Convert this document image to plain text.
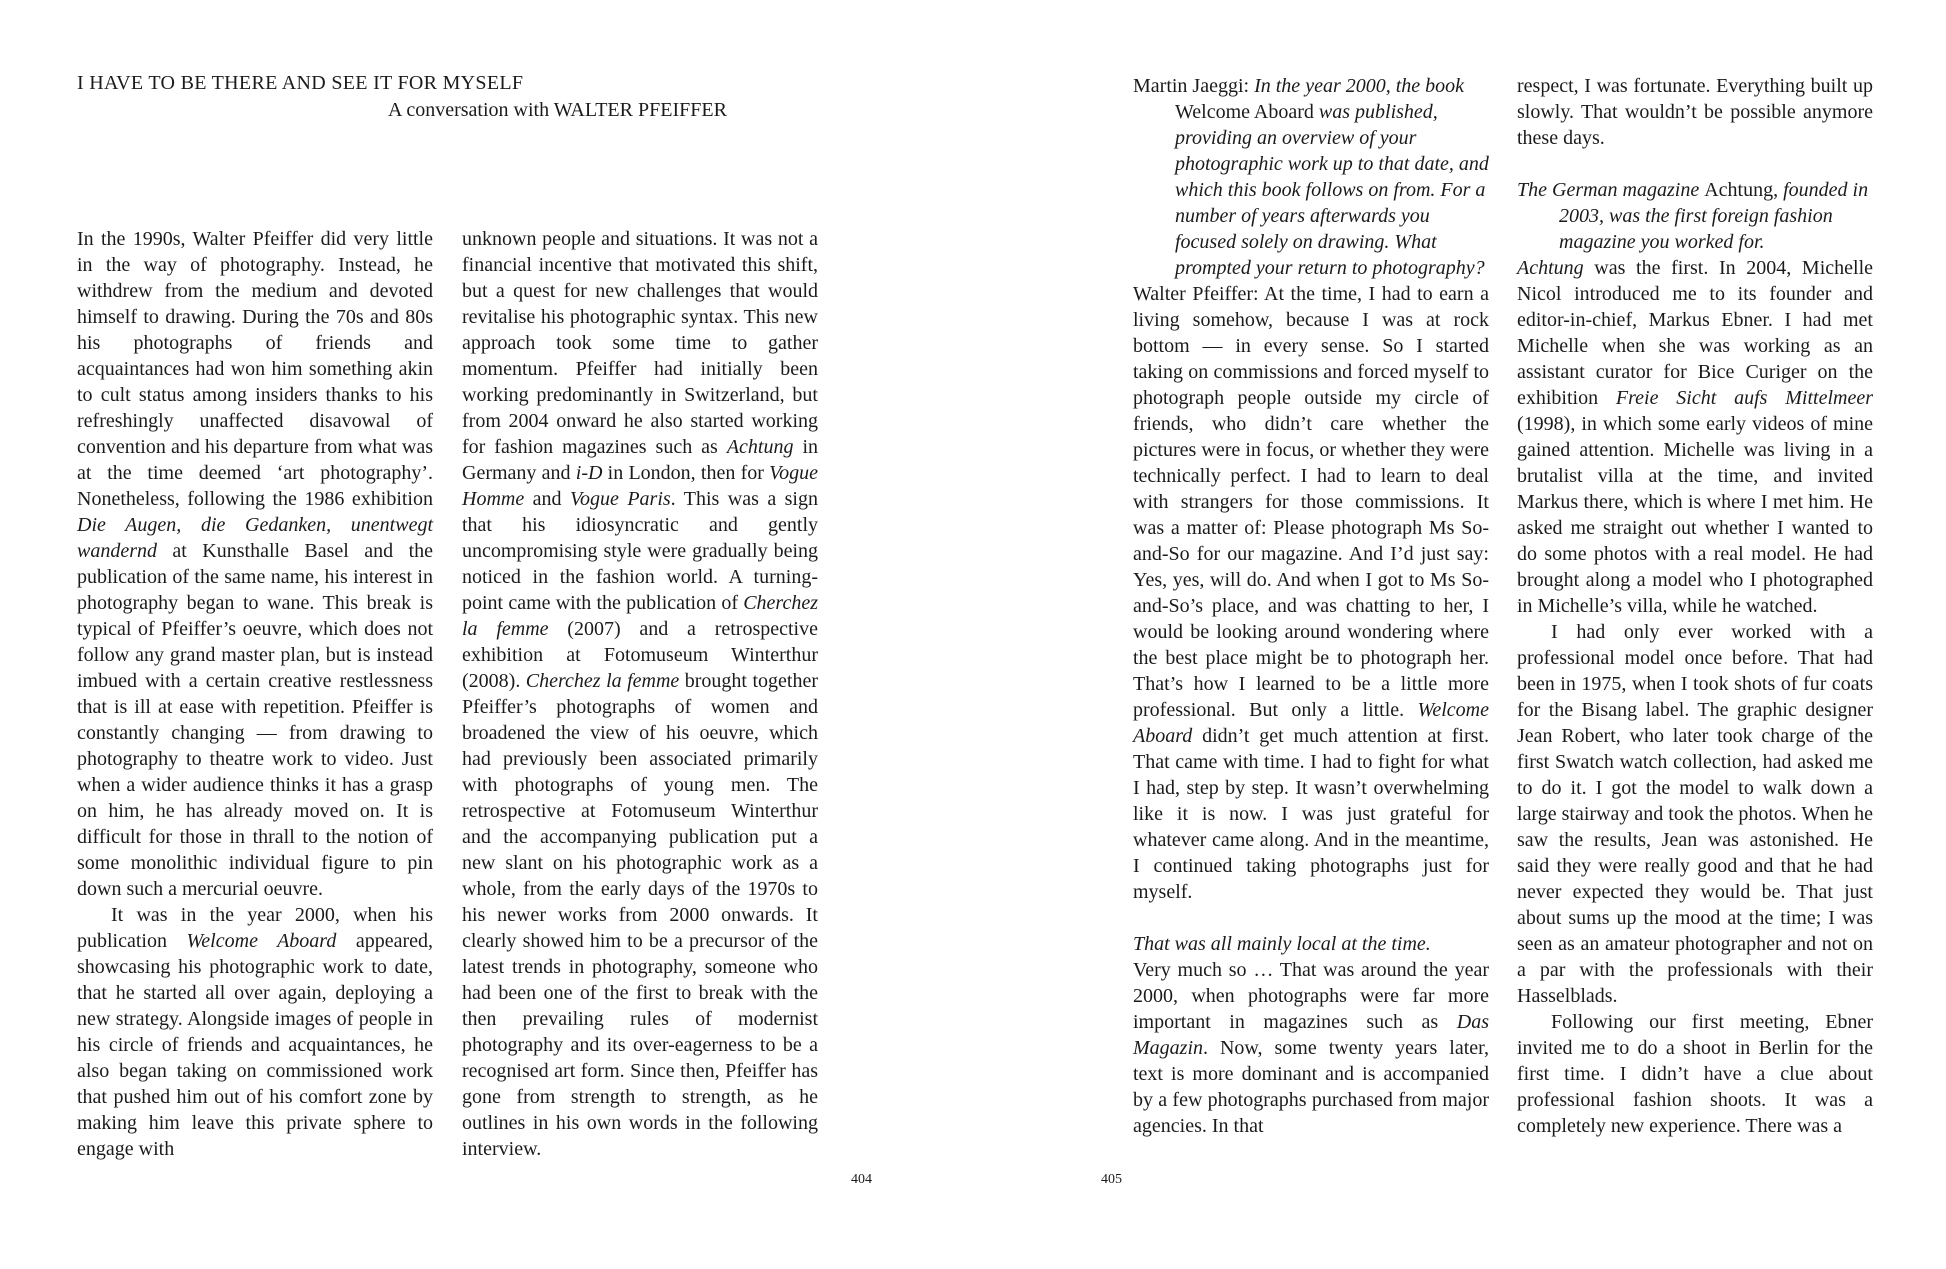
I HAVE TO BE THERE AND SEE IT FOR MYSELF
A conversation with WALTER PFEIFFER

In the 1990s, Walter Pfeiffer did very little in the way of photography. Instead, he withdrew from the medium and devoted himself to drawing. During the 70s and 80s his photographs of friends and acquaintances had won him something akin to cult status among insiders thanks to his refreshingly unaffected disavowal of convention and his departure from what was at the time deemed ‘art photography’. Nonetheless, following the 1986 exhibition Die Augen, die Gedanken, unentwegt wandernd at Kunsthalle Basel and the publication of the same name, his interest in photography began to wane. This break is typical of Pfeiffer’s oeuvre, which does not follow any grand master plan, but is instead imbued with a certain creative restlessness that is ill at ease with repetition. Pfeiffer is constantly changing — from drawing to photography to theatre work to video. Just when a wider audience thinks it has a grasp on him, he has already moved on. It is difficult for those in thrall to the notion of some monolithic individual figure to pin down such a mercurial oeuvre.

It was in the year 2000, when his publication Welcome Aboard appeared, showcasing his photographic work to date, that he started all over again, deploying a new strategy. Alongside images of people in his circle of friends and acquaintances, he also began taking on commissioned work that pushed him out of his comfort zone by making him leave this private sphere to engage with

unknown people and situations. It was not a financial incentive that motivated this shift, but a quest for new challenges that would revitalise his photographic syntax. This new approach took some time to gather momentum. Pfeiffer had initially been working predominantly in Switzerland, but from 2004 onward he also started working for fashion magazines such as Achtung in Germany and i-D in London, then for Vogue Homme and Vogue Paris. This was a sign that his idiosyncratic and gently uncompromising style were gradually being noticed in the fashion world. A turning-point came with the publication of Cherchez la femme (2007) and a retrospective exhibition at Fotomuseum Winterthur (2008). Cherchez la femme brought together Pfeiffer’s photographs of women and broadened the view of his oeuvre, which had previously been associated primarily with photographs of young men. The retrospective at Fotomuseum Winterthur and the accompanying publication put a new slant on his photographic work as a whole, from the early days of the 1970s to his newer works from 2000 onwards. It clearly showed him to be a precursor of the latest trends in photography, someone who had been one of the first to break with the then prevailing rules of modernist photography and its over-eagerness to be a recognised art form. Since then, Pfeiffer has gone from strength to strength, as he outlines in his own words in the following interview.

Martin Jaeggi: In the year 2000, the book Welcome Aboard was published, providing an overview of your photographic work up to that date, and which this book follows on from. For a number of years afterwards you focused solely on drawing. What prompted your return to photography?

Walter Pfeiffer: At the time, I had to earn a living somehow, because I was at rock bottom — in every sense. So I started taking on commissions and forced myself to photograph people outside my circle of friends, who didn’t care whether the pictures were in focus, or whether they were technically perfect. I had to learn to deal with strangers for those commissions. It was a matter of: Please photograph Ms So-and-So for our magazine. And I’d just say: Yes, yes, will do. And when I got to Ms So-and-So’s place, and was chatting to her, I would be looking around wondering where the best place might be to photograph her. That’s how I learned to be a little more professional. But only a little. Welcome Aboard didn’t get much attention at first. That came with time. I had to fight for what I had, step by step. It wasn’t overwhelming like it is now. I was just grateful for whatever came along. And in the meantime, I continued taking photographs just for myself.

That was all mainly local at the time.

Very much so … That was around the year 2000, when photographs were far more important in magazines such as Das Magazin. Now, some twenty years later, text is more dominant and is accompanied by a few photographs purchased from major agencies. In that

respect, I was fortunate. Everything built up slowly. That wouldn’t be possible anymore these days.

The German magazine Achtung, founded in 2003, was the first foreign fashion magazine you worked for.

Achtung was the first. In 2004, Michelle Nicol introduced me to its founder and editor-in-chief, Markus Ebner. I had met Michelle when she was working as an assistant curator for Bice Curiger on the exhibition Freie Sicht aufs Mittelmeer (1998), in which some early videos of mine gained attention. Michelle was living in a brutalist villa at the time, and invited Markus there, which is where I met him. He asked me straight out whether I wanted to do some photos with a real model. He had brought along a model who I photographed in Michelle’s villa, while he watched.

I had only ever worked with a professional model once before. That had been in 1975, when I took shots of fur coats for the Bisang label. The graphic designer Jean Robert, who later took charge of the first Swatch watch collection, had asked me to do it. I got the model to walk down a large stairway and took the photos. When he saw the results, Jean was astonished. He said they were really good and that he had never expected they would be. That just about sums up the mood at the time; I was seen as an amateur photographer and not on a par with the professionals with their Hasselblads.

Following our first meeting, Ebner invited me to do a shoot in Berlin for the first time. I didn’t have a clue about professional fashion shoots. It was a completely new experience. There was a

404	405
